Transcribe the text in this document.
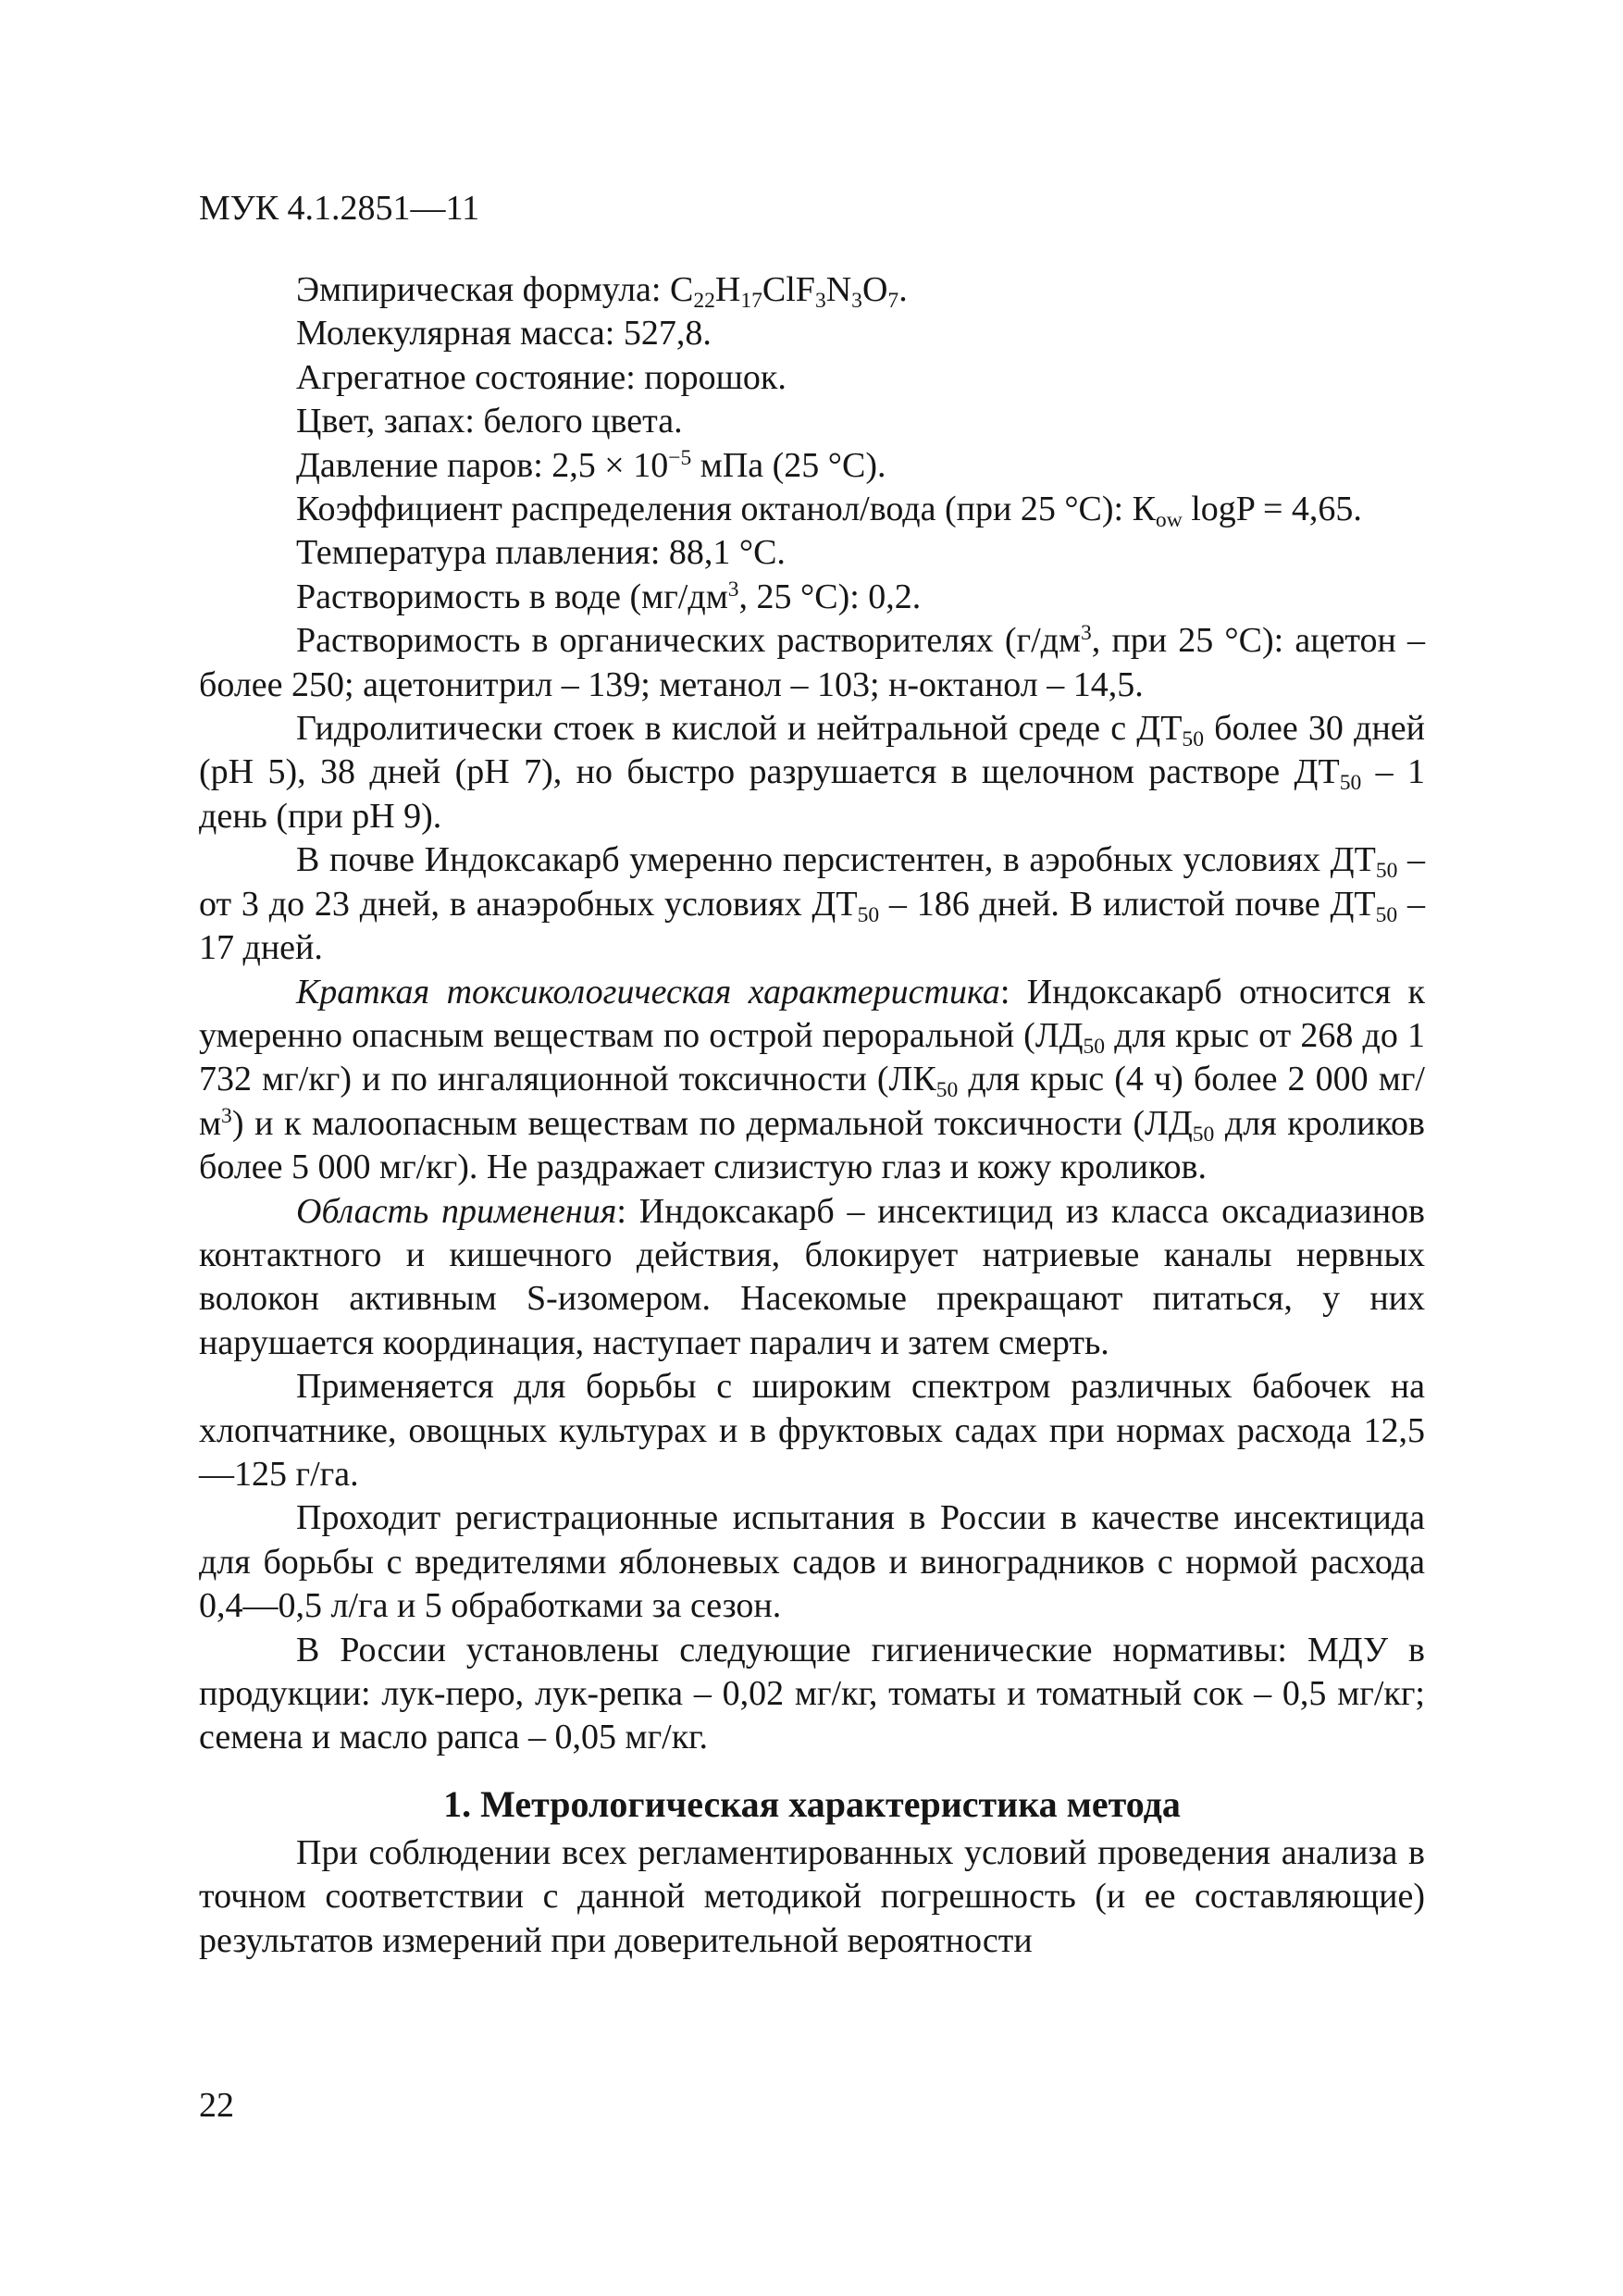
МУК 4.1.2851—11

Эмпирическая формула: $C_{22}H_{17}ClF_3N_3O_7$.

Молекулярная масса: 527,8.

Агрегатное состояние: порошок.

Цвет, запах: белого цвета.

Давление паров: $2,5 \times 10^{-5}$ мПа (25 °С).

Коэффициент распределения октанол/вода (при 25 °С): $К_{ow}$ logP = 4,65.

Температура плавления: 88,1 °С.

Растворимость в воде ($мг/дм^3$, 25 °С): 0,2.

Растворимость в органических растворителях ($г/дм^3$, при 25 °С): ацетон – более 250; ацетонитрил – 139; метанол – 103; н-октанол – 14,5.

Гидролитически стоек в кислой и нейтральной среде с $ДТ_{50}$ более 30 дней (рН 5), 38 дней (рН 7), но быстро разрушается в щелочном растворе $ДТ_{50} - 1$ день (при рН 9).

В почве Индоксакарб умеренно персистентен, в аэробных условиях $ДТ_{50}$ – от 3 до 23 дней, в анаэробных условиях $ДТ_{50} - 186$ дней. В илистой почве $ДТ_{50} - 17$ дней.

Краткая токсикологическая характеристика: Индоксакарб относится к умеренно опасным веществам по острой пероральной ($ЛД_{50}$ для крыс от 268 до 1 732 мг/кг) и по ингаляционной токсичности ($ЛК_{50}$ для крыс (4 ч) более 2 000 $мг/м^3$) и к малоопасным веществам по дермальной токсичности ($ЛД_{50}$ для кроликов более 5 000 мг/кг). Не раздражает слизистую глаз и кожу кроликов.

Область применения: Индоксакарб – инсектицид из класса оксадиазинов контактного и кишечного действия, блокирует натриевые каналы нервных волокон активным S-изомером. Насекомые прекращают питаться, у них нарушается координация, наступает паралич и затем смерть.

Применяется для борьбы с широким спектром различных бабочек на хлопчатнике, овощных культурах и в фруктовых садах при нормах расхода 12,5—125 г/га.

Проходит регистрационные испытания в России в качестве инсектицида для борьбы с вредителями яблоневых садов и виноградников с нормой расхода 0,4—0,5 л/га и 5 обработками за сезон.

В России установлены следующие гигиенические нормативы: МДУ в продукции: лук-перо, лук-репка – 0,02 мг/кг, томаты и томатный сок – 0,5 мг/кг; семена и масло рапса – 0,05 мг/кг.

1. Метрологическая характеристика метода

При соблюдении всех регламентированных условий проведения анализа в точном соответствии с данной методикой погрешность (и ее составляющие) результатов измерений при доверительной вероятности

22
